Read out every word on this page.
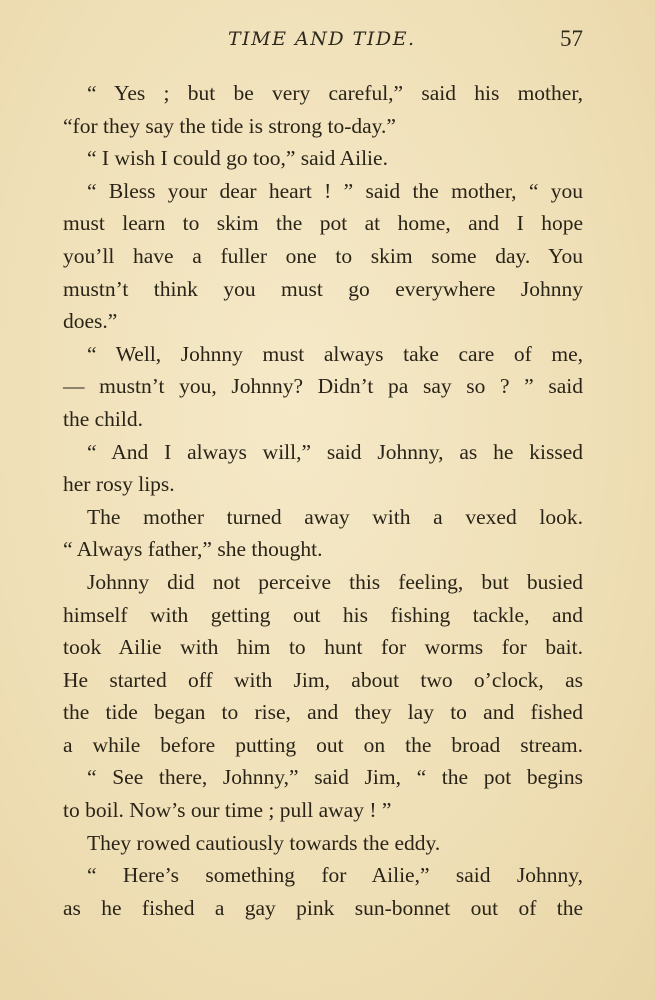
TIME AND TIDE.	57
“ Yes ; but be very careful,” said his mother,
“for they say the tide is strong to-day.”
“ I wish I could go too,” said Ailie.
“ Bless your dear heart ! ” said the mother, “ you
must learn to skim the pot at home, and I hope
you’ll have a fuller one to skim some day. You
mustn’t think you must go everywhere Johnny
does.”
“ Well, Johnny must always take care of me,
— mustn’t you, Johnny? Didn’t pa say so ? ” said
the child.
“ And I always will,” said Johnny, as he kissed
her rosy lips.
The mother turned away with a vexed look.
“ Always father,” she thought.
Johnny did not perceive this feeling, but busied
himself with getting out his fishing tackle, and
took Ailie with him to hunt for worms for bait.
He started off with Jim, about two o’clock, as
the tide began to rise, and they lay to and fished
a while before putting out on the broad stream.
“ See there, Johnny,” said Jim, “ the pot begins
to boil. Now’s our time ; pull away ! ”
They rowed cautiously towards the eddy.
“ Here’s something for Ailie,” said Johnny,
as he fished a gay pink sun-bonnet out of the
